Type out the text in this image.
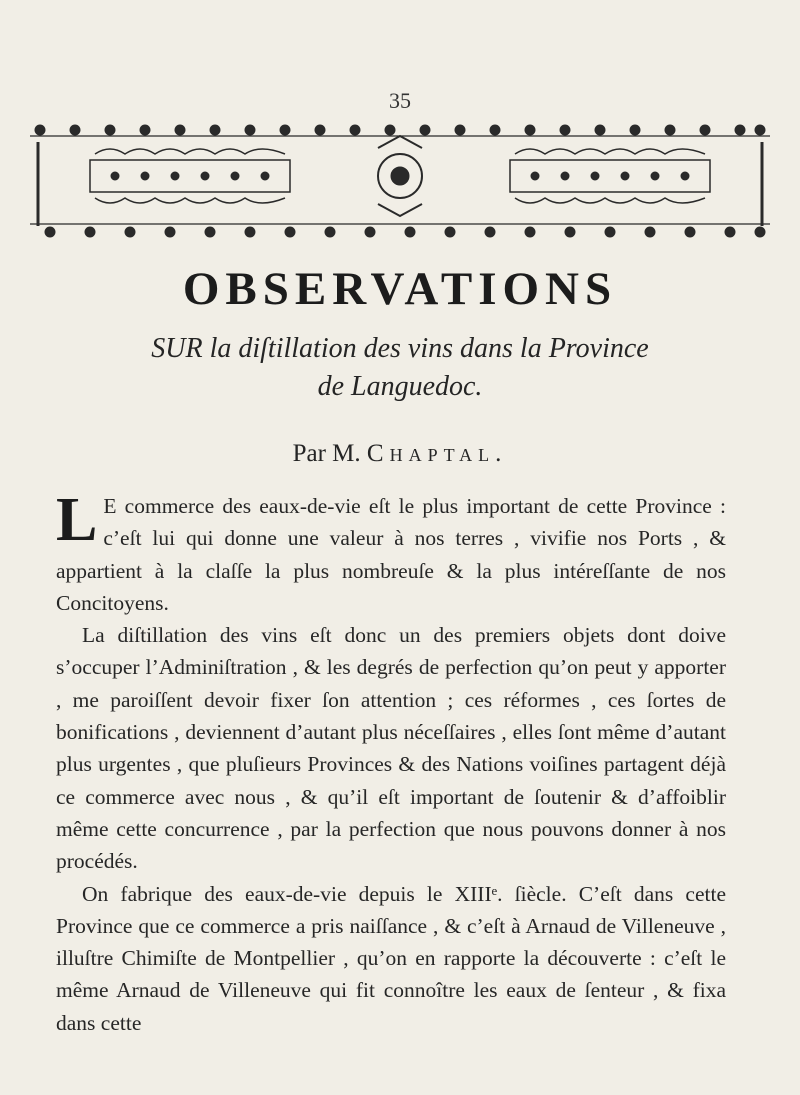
35
OBSERVATIONS
SUR la diſtillation des vins dans la Province
de Languedoc.
Par M. Chaptal.

L E commerce des eaux-de-vie eſt le plus important de cette Province : c’eſt lui qui donne une valeur à nos terres , vivifie nos Ports , & appartient à la claſſe la plus nombreuſe & la plus intéreſſante de nos Concitoyens.

La diſtillation des vins eſt donc un des premiers objets dont doive s’occuper l’Adminiſtration , & les degrés de perfection qu’on peut y apporter , me paroiſſent devoir fixer ſon attention ; ces réformes , ces ſortes de bonifications , deviennent d’autant plus néceſſaires , elles ſont même d’autant plus urgentes , que pluſieurs Provinces & des Nations voiſines partagent déjà ce commerce avec nous , & qu’il eſt important de ſoutenir & d’affoiblir même cette concurrence , par la perfection que nous pouvons donner à nos procédés.

On fabrique des eaux-de-vie depuis le XIIIᵉ. ſiècle. C’eſt dans cette Province que ce commerce a pris naiſſance , & c’eſt à Arnaud de Villeneuve , illuſtre Chimiſte de Montpellier , qu’on en rapporte la découverte : c’eſt le même Arnaud de Villeneuve qui fit connoître les eaux de ſenteur , & fixa dans cette
